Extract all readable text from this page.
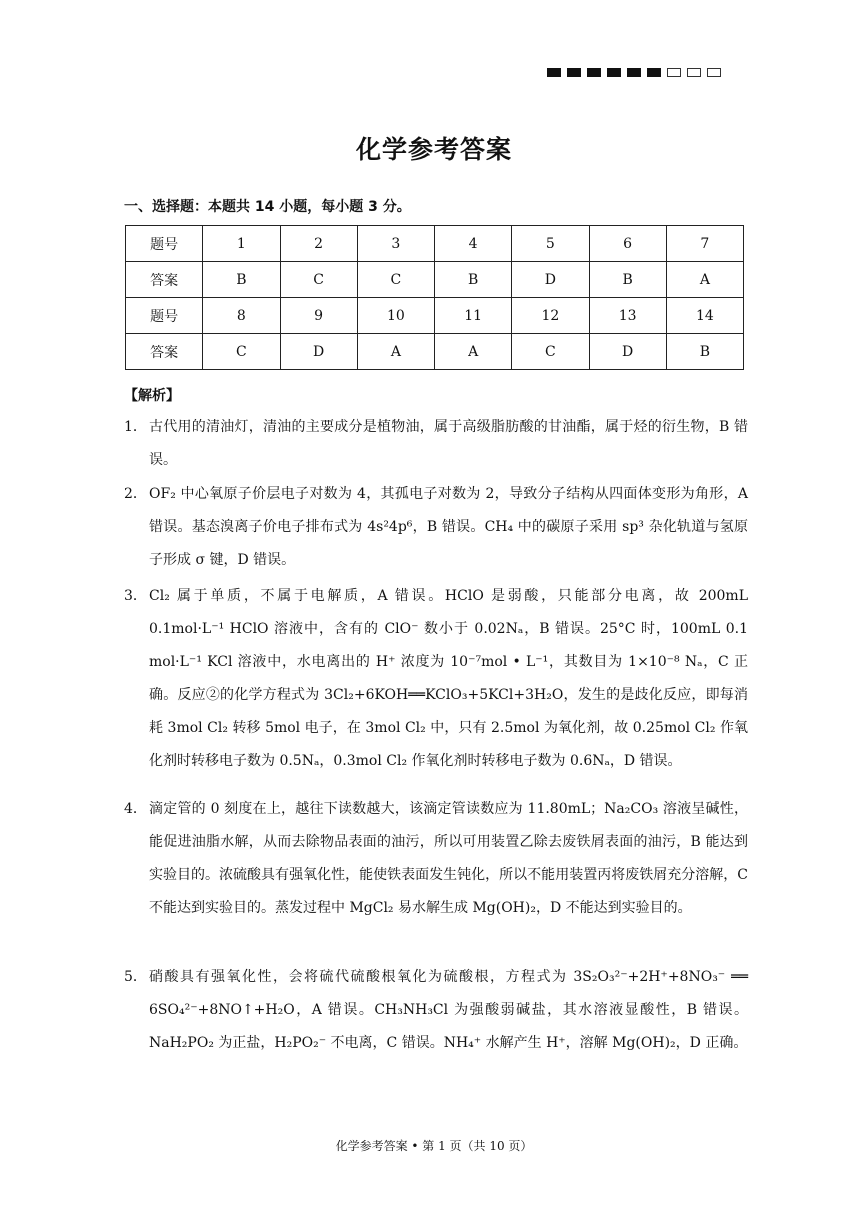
化学参考答案
一、选择题：本题共 14 小题，每小题 3 分。
题号	1	2	3	4	5	6	7
答案	B	C	C	B	D	B	A
题号	8	9	10	11	12	13	14
答案	C	D	A	A	C	D	B
【解析】
1． 古代用的清油灯，清油的主要成分是植物油，属于高级脂肪酸的甘油酯，属于烃的衍生物，B 错误。
2． OF₂ 中心氧原子价层电子对数为 4，其孤电子对数为 2，导致分子结构从四面体变形为角形，A 错误。基态溴离子价电子排布式为 4s²4p⁶，B 错误。CH₄ 中的碳原子采用 sp³ 杂化轨道与氢原子形成 σ 键，D 错误。
3． Cl₂ 属于单质，不属于电解质，A 错误。HClO 是弱酸，只能部分电离，故 200mL　0.1mol·L⁻¹ HClO 溶液中，含有的 ClO⁻ 数小于 0.02Nₐ，B 错误。25°C 时，100mL 0.1 mol·L⁻¹ KCl 溶液中，水电离出的 H⁺ 浓度为 10⁻⁷mol • L⁻¹，其数目为 1×10⁻⁸ Nₐ，C 正确。反应②的化学方程式为 3Cl₂+6KOH══KClO₃+5KCl+3H₂O，发生的是歧化反应，即每消耗 3mol Cl₂ 转移 5mol 电子，在 3mol Cl₂ 中，只有 2.5mol 为氧化剂，故 0.25mol Cl₂ 作氧化剂时转移电子数为 0.5Nₐ，0.3mol Cl₂ 作氧化剂时转移电子数为 0.6Nₐ，D 错误。
4． 滴定管的 0 刻度在上，越往下读数越大，该滴定管读数应为 11.80mL；Na₂CO₃ 溶液呈碱性，能促进油脂水解，从而去除物品表面的油污，所以可用装置乙除去废铁屑表面的油污，B 能达到实验目的。浓硫酸具有强氧化性，能使铁表面发生钝化，所以不能用装置丙将废铁屑充分溶解，C 不能达到实验目的。蒸发过程中 MgCl₂ 易水解生成 Mg(OH)₂，D 不能达到实验目的。
5． 硝酸具有强氧化性，会将硫代硫酸根氧化为硫酸根，方程式为 3S₂O₃²⁻+2H⁺+8NO₃⁻ ══ 6SO₄²⁻+8NO↑+H₂O，A 错误。CH₃NH₃Cl 为强酸弱碱盐，其水溶液显酸性，B 错误。NaH₂PO₂ 为正盐，H₂PO₂⁻ 不电离，C 错误。NH₄⁺ 水解产生 H⁺，溶解 Mg(OH)₂，D 正确。
化学参考答案 • 第 1 页（共 10 页）
